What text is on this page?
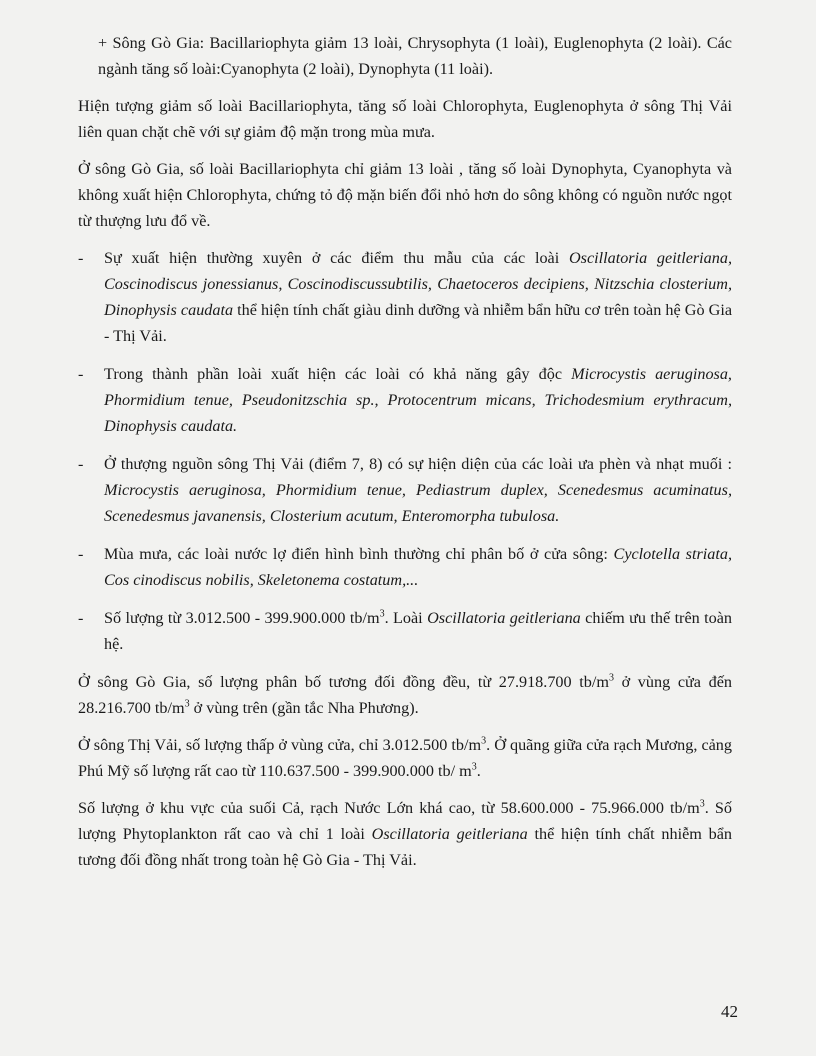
+ Sông Gò Gia: Bacillariophyta giảm 13 loài, Chrysophyta (1 loài), Euglenophyta (2 loài). Các ngành tăng số loài:Cyanophyta (2 loài), Dynophyta (11 loài).

Hiện tượng giảm số loài Bacillariophyta, tăng số loài Chlorophyta, Euglenophyta ở sông Thị Vải liên quan chặt chẽ với sự giảm độ mặn trong mùa mưa.

Ở sông Gò Gia, số loài Bacillariophyta chỉ giảm 13 loài , tăng số loài Dynophyta, Cyanophyta và không xuất hiện Chlorophyta, chứng tỏ độ mặn biến đổi nhỏ hơn do sông không có nguồn nước ngọt từ thượng lưu đổ về.

-	Sự xuất hiện thường xuyên ở các điểm thu mẫu của các loài Oscillatoria geitleriana, Coscinodiscus jonessianus, Coscinodiscussubtilis, Chaetoceros decipiens, Nitzschia closterium, Dinophysis caudata thể hiện tính chất giàu dinh dưỡng và nhiễm bẩn hữu cơ trên toàn hệ Gò Gia - Thị Vải.

-	Trong thành phần loài xuất hiện các loài có khả năng gây độc Microcystis aeruginosa, Phormidium tenue, Pseudonitzschia sp., Protocentrum micans, Trichodesmium erythracum, Dinophysis caudata.

-	Ở thượng nguồn sông Thị Vải (điểm 7, 8) có sự hiện diện của các loài ưa phèn và nhạt muối : Microcystis aeruginosa, Phormidium tenue, Pediastrum duplex, Scenedesmus acuminatus, Scenedesmus javanensis, Closterium acutum, Enteromorpha tubulosa.

-	Mùa mưa, các loài nước lợ điển hình bình thường chỉ phân bố ở cửa sông: Cyclotella striata, Cos cinodiscus nobilis, Skeletonema costatum,...

-	Số lượng từ 3.012.500 - 399.900.000 $tb/m^3$. Loài Oscillatoria geitleriana chiếm ưu thế trên toàn hệ.

Ở sông Gò Gia, số lượng phân bố tương đối đồng đều, từ 27.918.700 $tb/m^3$ ở vùng cửa đến 28.216.700 $tb/m^3$ ở vùng trên (gần tắc Nha Phương).

Ở sông Thị Vải, số lượng thấp ở vùng cửa, chỉ 3.012.500 $tb/m^3$. Ở quãng giữa cửa rạch Mương, cảng Phú Mỹ số lượng rất cao từ 110.637.500 - 399.900.000 tb/ $m^3$.

Số lượng ở khu vực của suối Cả, rạch Nước Lớn khá cao, từ 58.600.000 - 75.966.000 $tb/m^3$. Số lượng Phytoplankton rất cao và chỉ 1 loài Oscillatoria geitleriana thể hiện tính chất nhiễm bẩn tương đối đồng nhất trong toàn hệ Gò Gia - Thị Vải.

42
